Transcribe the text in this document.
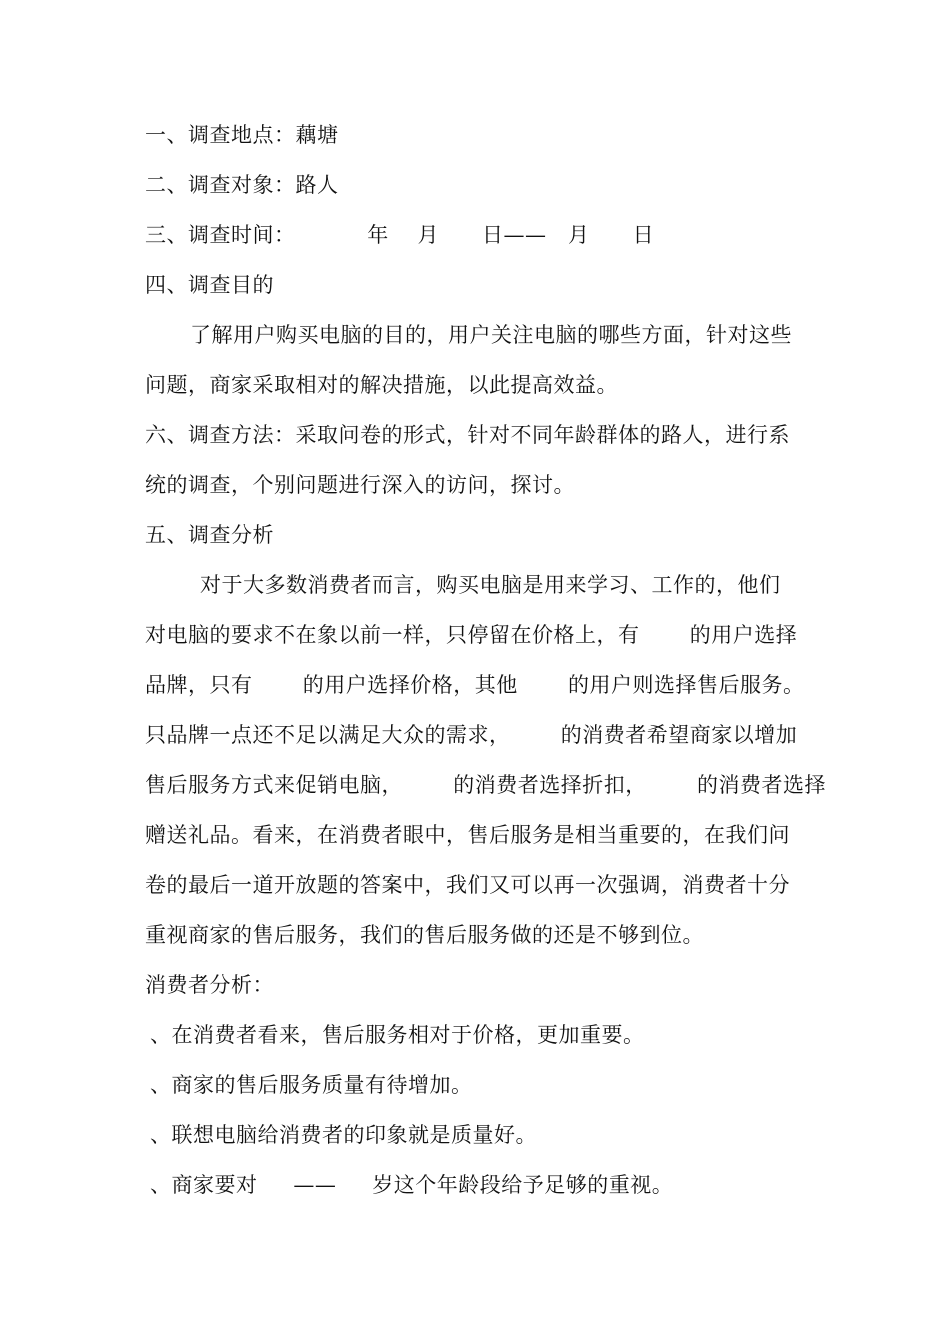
一、调查地点：藕塘
二、调查对象：路人
三、调查时间：          年    月      日——   月      日
四、调查目的
了解用户购买电脑的目的，用户关注电脑的哪些方面，针对这些
问题，商家采取相对的解决措施，以此提高效益。
六、调查方法：采取问卷的形式，针对不同年龄群体的路人，进行系
统的调查，个别问题进行深入的访问，探讨。
五、调查分析
对于大多数消费者而言，购买电脑是用来学习、工作的，他们
对电脑的要求不在象以前一样，只停留在价格上，有       的用户选择
品牌，只有       的用户选择价格，其他       的用户则选择售后服务。
只品牌一点还不足以满足大众的需求，       的消费者希望商家以增加
售后服务方式来促销电脑，       的消费者选择折扣，       的消费者选择
赠送礼品。看来，在消费者眼中，售后服务是相当重要的，在我们问
卷的最后一道开放题的答案中，我们又可以再一次强调，消费者十分
重视商家的售后服务，我们的售后服务做的还是不够到位。
消费者分析：
、在消费者看来，售后服务相对于价格，更加重要。
、商家的售后服务质量有待增加。
、联想电脑给消费者的印象就是质量好。
、商家要对     ——     岁这个年龄段给予足够的重视。
